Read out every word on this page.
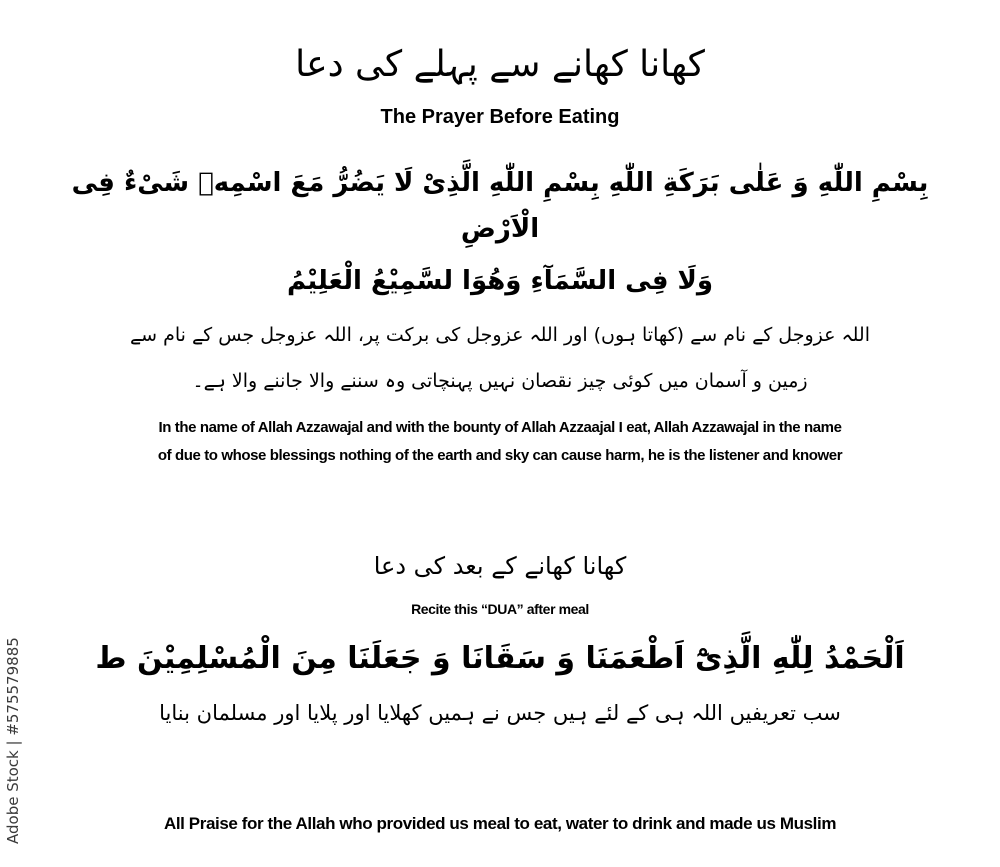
کھانا کھانے سے پہلے کی دعا
The Prayer Before Eating
بِسْمِ اللّٰهِ وَ عَلٰی بَرَکَةِ اللّٰهِ بِسْمِ اللّٰهِ الَّذِیْ لَا یَضُرُّ مَعَ اسْمِهٖ شَیْءٌ فِی الْاَرْضِ
وَلَا فِی السَّمَآءِ وَھُوَا لسَّمِیْعُ الْعَلِیْمُ
اللہ عزوجل کے نام سے (کھاتا ہوں) اور اللہ عزوجل کی برکت پر، اللہ عزوجل جس کے نام سے
زمین و آسمان میں کوئی چیز نقصان نہیں پہنچاتی وہ سننے والا جاننے والا ہے۔
In the name of Allah Azzawajal and with the bounty of Allah Azzaajal I eat, Allah Azzawajal in the name
of due to whose blessings nothing of the earth and sky can cause harm, he is the listener and knower
کھانا کھانے کے بعد کی دعا
Recite this “DUA” after meal
اَلْحَمْدُ لِلّٰهِ الَّذِیْٓ اَطْعَمَنَا وَ سَقَانَا وَ جَعَلَنَا مِنَ الْمُسْلِمِیْنَ ط
سب تعریفیں اللہ ہی کے لئے ہیں جس نے ہمیں کھلایا اور پلایا اور مسلمان بنایا
All Praise for the Allah who provided us meal to eat, water to drink and made us Muslim
Adobe Stock | #575579885
